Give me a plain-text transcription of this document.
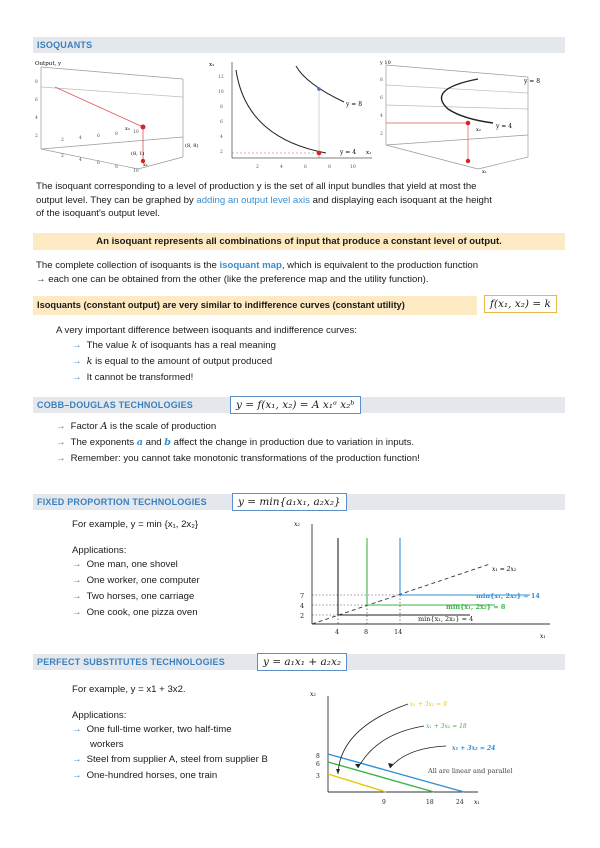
ISOQUANTS
Output, y
(8, 1)
(8, 8)
x₁
x₂
2
4
6
8
10
2	4	6	8	10
2
4
6
8
y = 8
y = 4
x₂
x₁
2
4
6
8
10
12
2	4	6	8	10
y = 8
y = 4
y 10
x₂
x₁
2
4
6
8
The isoquant corresponding to a level of production y is the set of all input bundles that yield at most the
output level. They can be graphed by adding an output level axis and displaying each isoquant at the height
of the isoquant's output level.
An isoquant represents all combinations of input that produce a constant level of output.
The complete collection of isoquants is the isoquant map, which is equivalent to the production function
→ each one can be obtained from the other (like the preference map and the utility function).
Isoquants (constant output) are very similar to indifference curves (constant utility)	f(x₁, x₂) = k
A very important difference between isoquants and indifference curves:
→ The value k of isoquants has a real meaning
→ k is equal to the amount of output produced
→ It cannot be transformed!
COBB–DOUGLAS TECHNOLOGIES	y = f(x₁, x₂) = A x₁ᵃ x₂ᵇ
→ Factor A is the scale of production
→ The exponents a and b affect the change in production due to variation in inputs.
→ Remember: you cannot take monotonic transformations of the production function!
FIXED PROPORTION TECHNOLOGIES	y = min{a₁x₁, a₂x₂}
For example, y = min {x₁, 2x₂}
Applications:
→ One man, one shovel
→ One worker, one computer
→ Two horses, one carriage
→ One cook, one pizza oven
x₂
x₁
x₁ = 2x₂
min{x₁, 2x₂} = 14
min{x₁, 2x₂} = 8
min{x₁, 2x₂} = 4
4	8	14
7
4
2
PERFECT SUBSTITUTES TECHNOLOGIES	y = a₁x₁ + a₂x₂
For example, y = x1 + 3x2.
Applications:
→ One full-time worker, two half-time
workers
→ Steel from supplier A, steel from supplier B
→ One-hundred horses, one train
x₁ + 3x₂ = 9
x₁ + 3x₂ = 18
x₁ + 3x₂ = 24
All are linear and parallel
x₂
x₁
9	18	24
8
6
3
